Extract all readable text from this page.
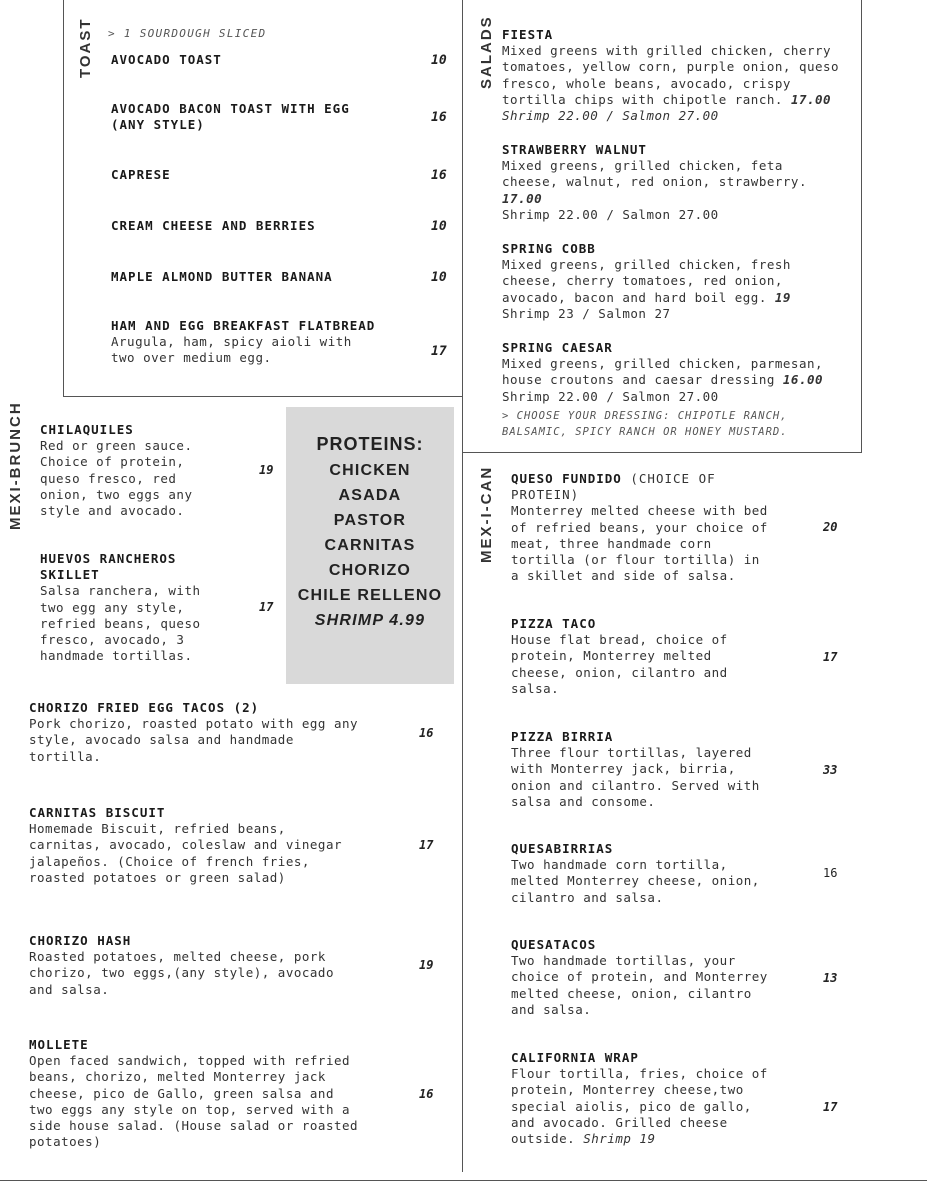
TOAST	SALADS
MEXI-BRUNCH	MEX-I-CAN
> 1 SOURDOUGH SLICED
AVOCADO TOAST	10
AVOCADO BACON TOAST WITH EGG
(ANY STYLE)	16
CAPRESE	16
CREAM CHEESE AND BERRIES	10
MAPLE ALMOND BUTTER BANANA	10
HAM AND EGG BREAKFAST FLATBREAD
Arugula, ham, spicy aioli with
two over medium egg.	17
FIESTA
Mixed greens with grilled chicken, cherry
tomatoes, yellow corn, purple onion, queso
fresco, whole beans, avocado, crispy
tortilla chips with chipotle ranch. 17.00
Shrimp 22.00 / Salmon 27.00
STRAWBERRY WALNUT
Mixed greens, grilled chicken, feta
cheese, walnut, red onion, strawberry.
17.00
Shrimp 22.00 / Salmon 27.00
SPRING COBB
Mixed greens, grilled chicken, fresh
cheese, cherry tomatoes, red onion,
avocado, bacon and hard boil egg. 19
Shrimp 23 / Salmon 27
SPRING CAESAR
Mixed greens, grilled chicken, parmesan,
house croutons and caesar dressing 16.00
Shrimp 22.00 / Salmon 27.00
> CHOOSE YOUR DRESSING: CHIPOTLE RANCH,
BALSAMIC, SPICY RANCH OR HONEY MUSTARD.
CHILAQUILES
Red or green sauce.
Choice of protein,
queso fresco, red
onion, two eggs any
style and avocado.
19
HUEVOS RANCHEROS
SKILLET
Salsa ranchera, with
two egg any style,
refried beans, queso
fresco, avocado, 3
handmade tortillas.
17
PROTEINS:
CHICKEN
ASADA
PASTOR
CARNITAS
CHORIZO
CHILE RELLENO
SHRIMP 4.99
CHORIZO FRIED EGG TACOS (2)
Pork chorizo, roasted potato with egg any
style, avocado salsa and handmade
tortilla.
16
CARNITAS BISCUIT
Homemade Biscuit, refried beans,
carnitas, avocado, coleslaw and vinegar
jalapeños. (Choice of french fries,
roasted potatoes or green salad)
17
CHORIZO HASH
Roasted potatoes, melted cheese, pork
chorizo, two eggs,(any style), avocado
and salsa.
19
MOLLETE
Open faced sandwich, topped with refried
beans, chorizo, melted Monterrey jack
cheese, pico de Gallo, green salsa and
two eggs any style on top, served with a
side house salad. (House salad or roasted
potatoes)
16
QUESO FUNDIDO (CHOICE OF
PROTEIN)
Monterrey melted cheese with bed
of refried beans, your choice of
meat, three handmade corn
tortilla (or flour tortilla) in
a skillet and side of salsa.
20
PIZZA TACO
House flat bread, choice of
protein, Monterrey melted
cheese, onion, cilantro and
salsa.
17
PIZZA BIRRIA
Three flour tortillas, layered
with Monterrey jack, birria,
onion and cilantro. Served with
salsa and consome.
33
QUESABIRRIAS
Two handmade corn tortilla,
melted Monterrey cheese, onion,
cilantro and salsa.
16
QUESATACOS
Two handmade tortillas, your
choice of protein, and Monterrey
melted cheese, onion, cilantro
and salsa.
13
CALIFORNIA WRAP
Flour tortilla, fries, choice of
protein, Monterrey cheese,two
special aiolis, pico de gallo,
and avocado. Grilled cheese
outside. Shrimp 19
17
